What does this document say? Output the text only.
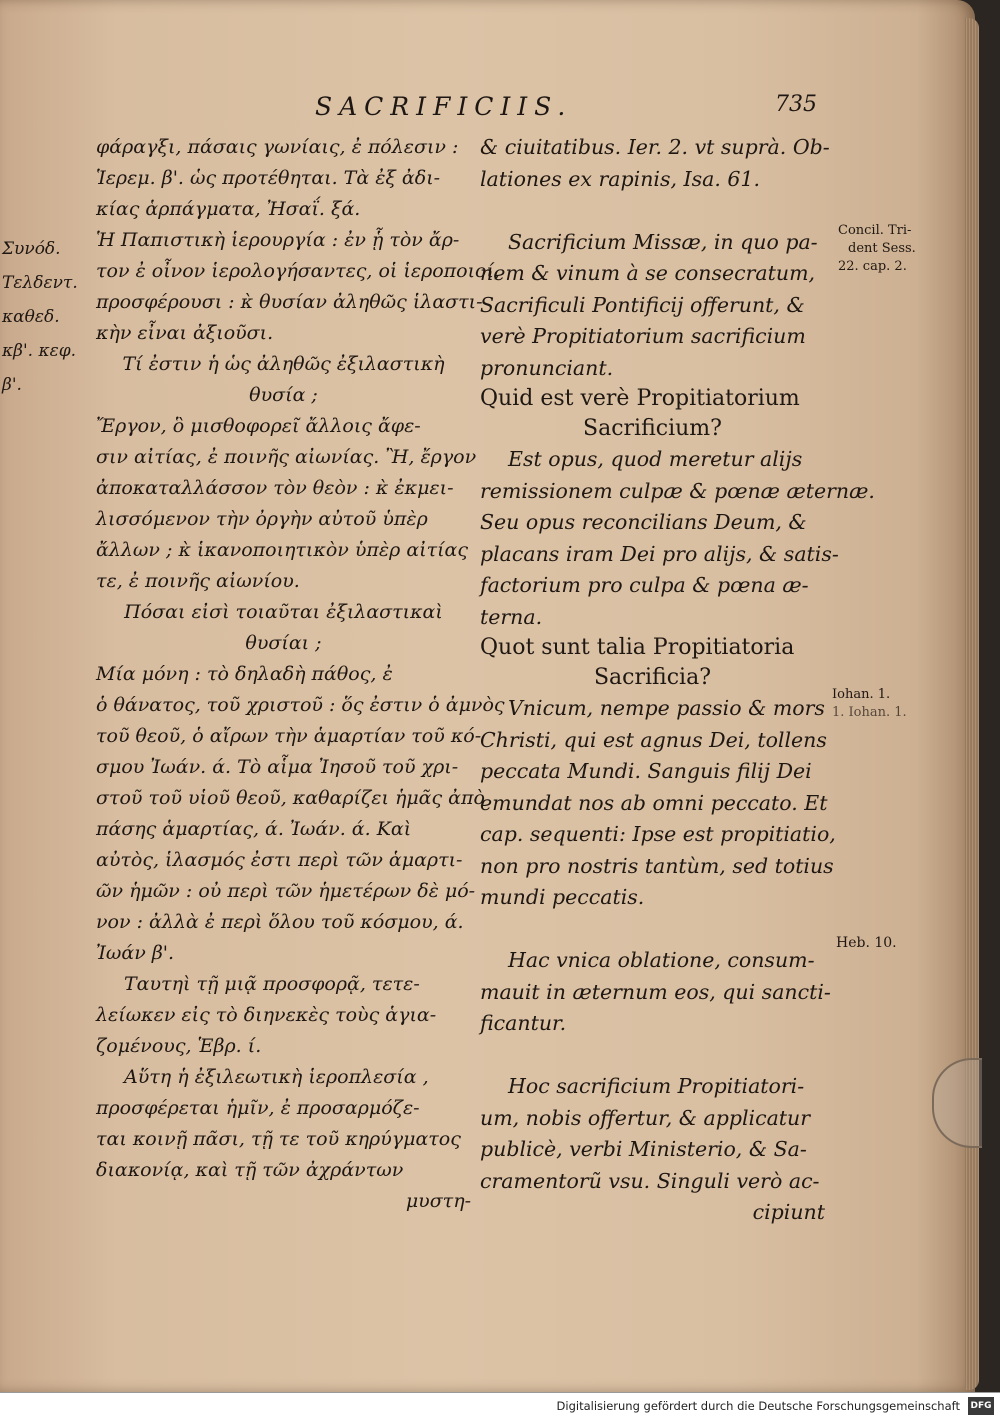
SACRIFICIIS.	735
Συνόδ.
Τελδεντ.
καθεδ.
κβ'. κεφ.
β'.
φάραγξι, πάσαις γωνίαις, ἐ πόλεσιν :
Ἱερεμ. β'. ὡς προτέθηται. Τὰ ἐξ ἀδι-
κίας ἁρπάγματα, Ἠσαΐ. ξά.
Ἡ Παπιστικὴ ἱερουργία : ἐν ᾗ τὸν ἄρ-
τον ἐ οἶνον ἱερολογήσαντες, οἱ ἱεροποιοί,
προσφέρουσι : κ̀ θυσίαν ἀληθῶς ἱλαστι-
κὴν εἶναι ἀξιοῦσι.
Τί ἐστιν ἡ ὡς ἀληθῶς ἐξιλαστικὴ
θυσία ;
Ἔργον, ὃ μισθοφορεῖ ἄλλοις ἄφε-
σιν αἰτίας, ἐ ποινῆς αἰωνίας. Ἢ, ἔργον
ἀποκαταλλάσσον τὸν θεὸν : κ̀ ἐκμει-
λισσόμενον τὴν ὀργὴν αὐτοῦ ὑπὲρ
ἄλλων ; κ̀ ἱκανοποιητικὸν ὑπὲρ αἰτίας
τε, ἐ ποινῆς αἰωνίου.
Πόσαι εἰσὶ τοιαῦται ἐξιλαστικαὶ
θυσίαι ;
Μία μόνη : τὸ δηλαδὴ πάθος, ἐ
ὁ θάνατος, τοῦ χριστοῦ : ὅς ἐστιν ὁ ἀμνὸς
τοῦ θεοῦ, ὁ αἴρων τὴν ἁμαρτίαν τοῦ κό-
σμου Ἰωάν. ά. Τὸ αἷμα Ἰησοῦ τοῦ χρι-
στοῦ τοῦ υἱοῦ θεοῦ, καθαρίζει ἡμᾶς ἀπὸ
πάσης ἁμαρτίας, ά. Ἰωάν. ά. Καὶ
αὐτὸς, ἱλασμός ἐστι περὶ τῶν ἁμαρτι-
ῶν ἡμῶν : οὐ περὶ τῶν ἡμετέρων δὲ μό-
νον : ἀλλὰ ἐ περὶ ὅλου τοῦ κόσμου, ά.
Ἰωάν β'.
Ταυτηὶ τῇ μιᾷ προσφορᾷ, τετε-
λείωκεν εἰς τὸ διηνεκὲς τοὺς ἁγια-
ζομένους, Ἑβρ. ί.
Αὕτη ἡ ἐξιλεωτικὴ ἱεροπλεσία ,
προσφέρεται ἡμῖν, ἐ προσαρμόζε-
ται κοινῇ πᾶσι, τῇ τε τοῦ κηρύγματος
διακονίᾳ, καὶ τῇ τῶν ἀχράντων
μυστη-
& ciuitatibus. Ier. 2. vt suprà. Ob-
lationes ex rapinis, Isa. 61.

Sacrificium Missæ, in quo pa-
nem & vinum à se consecratum,
Sacrificuli Pontificij offerunt, &
verè Propitiatorium sacrificium
pronunciant.
Quid est verè Propitiatorium
Sacrificium?
Est opus, quod meretur alijs
remissionem culpæ & pœnæ æternæ.
Seu opus reconcilians Deum, &
placans iram Dei pro alijs, & satis-
factorium pro culpa & pœna æ-
terna.
Quot sunt talia Propitiatoria
Sacrificia?
Vnicum, nempe passio & mors
Christi, qui est agnus Dei, tollens
peccata Mundi. Sanguis filij Dei
emundat nos ab omni peccato. Et
cap. sequenti: Ipse est propitiatio,
non pro nostris tantùm, sed totius
mundi peccatis.

Hac vnica oblatione, consum-
mauit in æternum eos, qui sancti-
ficantur.

Hoc sacrificium Propitiatori-
um, nobis offertur, & applicatur
publicè, verbi Ministerio, & Sa-
cramentorũ vsu. Singuli verò ac-
cipiunt
Concil. Tri-
dent Sess.
22. cap. 2.
Iohan. 1.
1. Iohan. 1.
Heb. 10.
Digitalisierung gefördert durch die Deutsche Forschungsgemeinschaft DFG
